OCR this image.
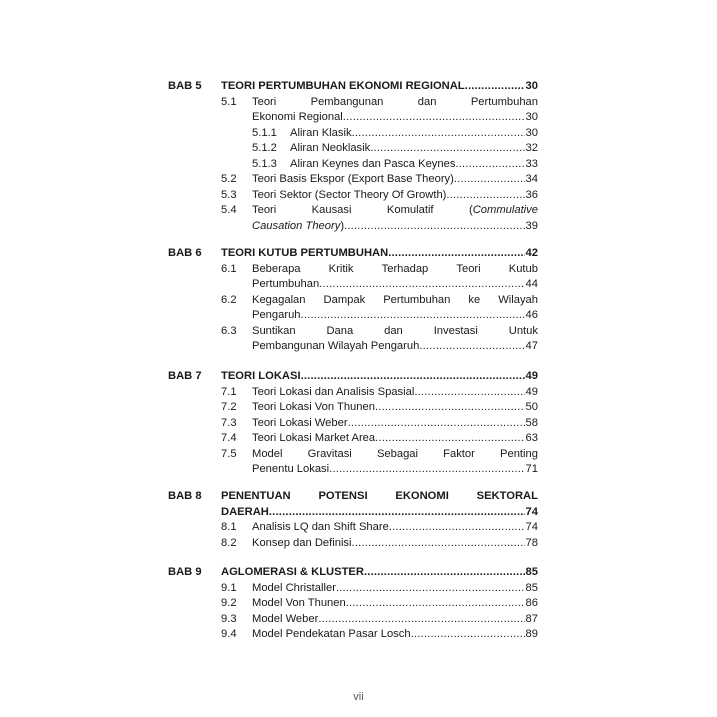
BAB 5 TEORI PERTUMBUHAN EKONOMI REGIONAL .....	30
5.1 Teori	Pembangunan	dan	Pertumbuhan
Ekonomi Regional .....	30
5.1.1 Aliran Klasik .....	30
5.1.2 Aliran Neoklasik .....	32
5.1.3 Aliran Keynes dan Pasca Keynes .....	33
5.2 Teori Basis Ekspor (Export Base Theory) .....	34
5.3 Teori Sektor (Sector Theory Of Growth) .....	36
5.4 Teori	Kausasi	Komulatif	(Commulative
Causation Theory) .....	39
BAB 6 TEORI KUTUB PERTUMBUHAN .....	42
6.1 Beberapa	Kritik	Terhadap	Teori	Kutub
Pertumbuhan .....	44
6.2 Kegagalan Dampak Pertumbuhan ke Wilayah
Pengaruh .....	46
6.3 Suntikan	Dana	dan	Investasi	Untuk
Pembangunan Wilayah Pengaruh .....	47
BAB 7 TEORI LOKASI .....	49
7.1 Teori Lokasi dan Analisis Spasial .....	49
7.2 Teori Lokasi Von Thunen .....	50
7.3 Teori Lokasi Weber .....	58
7.4 Teori Lokasi Market Area .....	63
7.5 Model Gravitasi Sebagai Faktor Penting
Penentu Lokasi .....	71
BAB 8 PENENTUAN POTENSI EKONOMI SEKTORAL
DAERAH .....	74
8.1 Analisis LQ dan Shift Share .....	74
8.2 Konsep dan Definisi .....	78
BAB 9 AGLOMERASI & KLUSTER .....	85
9.1 Model Christaller .....	85
9.2 Model Von Thunen .....	86
9.3 Model Weber .....	87
9.4 Model Pendekatan Pasar Losch .....	89
vii
